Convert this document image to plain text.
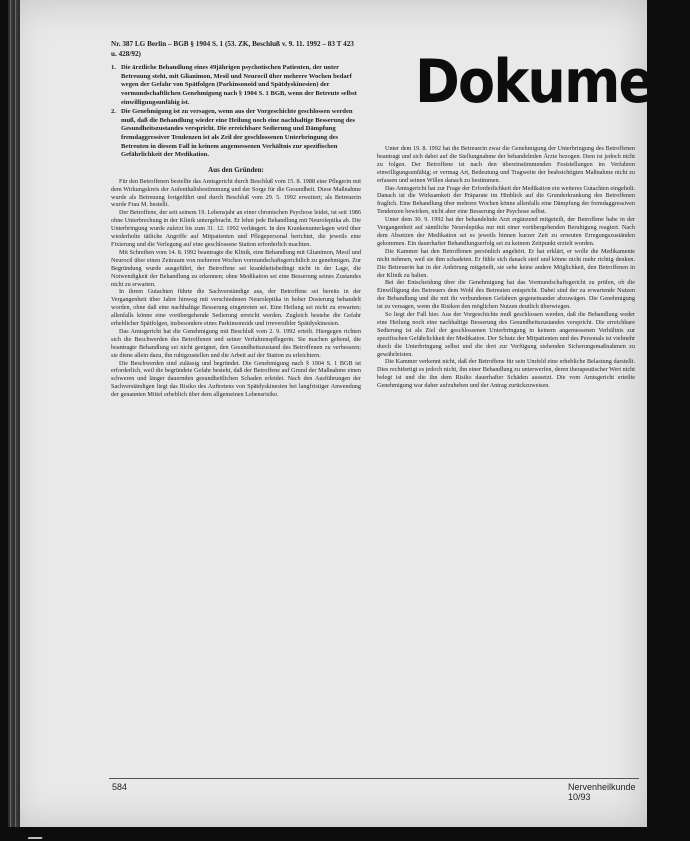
Dokumen

Nr. 387 LG Berlin – BGB § 1904 S. 1 (53. ZK, Beschluß v. 9. 11. 1992 – 83 T 423 u. 428/92)

1. Die ärztliche Behandlung eines 49jährigen psychotischen Patienten, der unter Betreuung steht, mit Glianimon, Mesil und Neurocil über mehrere Wochen bedarf wegen der Gefahr von Spätfolgen (Parkinsonoid und Spätdyskinesien) der vormundschaftlichen Genehmigung nach § 1904 S. 1 BGB, wenn der Betreute selbst einwilligungsunfähig ist.
2. Die Genehmigung ist zu versagen, wenn aus der Vorgeschichte geschlossen werden muß, daß die Behandlung wieder eine Heilung noch eine nachhaltige Besserung des Gesundheitszustandes verspricht. Die erreichbare Sedierung und Dämpfung fremdaggressiver Tendenzen ist als Zeil der geschlossenen Unterbringung des Betreuten in diesem Fall in keinem angemessenen Verhältnis zur spezifischen Gefährlichkeit der Medikation.
Aus den Gründen:

Für den Betroffenen bestellte das Amtsgericht durch Beschluß vom 15. 8. 1988 eine Pflegerin mit dem Wirkungskreis der Aufenthaltsbestimmung und der Sorge für die Gesundheit. Diese Maßnahme wurde als Betreuung fortgeführt und durch Beschluß vom 29. 5. 1992 erweitert; als Betreuerin wurde Frau M. bestellt.

Der Betroffene, der seit seinem 19. Lebensjahr an einer chronischen Psychose leidet, ist seit 1986 ohne Unterbrechung in der Klinik untergebracht. Er lehnt jede Behandlung mit Neuroleptika ab. Die Unterbringung wurde zuletzt bis zum 31. 12. 1992 verlängert. In den Krankenunterlagen wird über wiederholte tätliche Angriffe auf Mitpatienten und Pflegepersonal berichtet, die jeweils eine Fixierung und die Verlegung auf eine geschlossene Station erforderlich machten.

Mit Schreiben vom 14. 8. 1992 beantragte die Klinik, eine Behandlung mit Glianimon, Mesil und Neurocil über einen Zeitraum von mehreren Wochen vormundschaftsgerichtlich zu genehmigen. Zur Begründung wurde ausgeführt, der Betroffene sei krankheitsbedingt nicht in der Lage, die Notwendigkeit der Behandlung zu erkennen; ohne Medikation sei eine Besserung seines Zustandes nicht zu erwarten.

In ihrem Gutachten führte die Sachverständige aus, der Betroffene sei bereits in der Vergangenheit über Jahre hinweg mit verschiedenen Neuroleptika in hoher Dosierung behandelt worden, ohne daß eine nachhaltige Besserung eingetreten sei. Eine Heilung sei nicht zu erwarten; allenfalls könne eine vorübergehende Sedierung erreicht werden. Zugleich bestehe die Gefahr erheblicher Spätfolgen, insbesondere eines Parkinsonoids und irreversibler Spätdyskinesien.

Das Amtsgericht hat die Genehmigung mit Beschluß vom 2. 9. 1992 erteilt. Hiergegen richten sich die Beschwerden des Betroffenen und seiner Verfahrenspflegerin. Sie machen geltend, die beantragte Behandlung sei nicht geeignet, den Gesundheitszustand des Betroffenen zu verbessern; sie diene allein dazu, ihn ruhigzustellen und die Arbeit auf der Station zu erleichtern.

Die Beschwerden sind zulässig und begründet. Die Genehmigung nach § 1904 S. 1 BGB ist erforderlich, weil die begründete Gefahr besteht, daß der Betroffene auf Grund der Maßnahme einen schweren und länger dauernden gesundheitlichen Schaden erleidet. Nach den Ausführungen der Sachverständigen liegt das Risiko des Auftretens von Spätdyskinesien bei langfristiger Anwendung der genannten Mittel erheblich über dem allgemeinen Lebensrisiko.

Unter dem 19. 8. 1992 hat die Betreuerin zwar die Genehmigung der Unterbringung des Betroffenen beantragt und sich dabei auf die Stellungnahme der behandelnden Ärzte bezogen. Dem ist jedoch nicht zu folgen. Der Betroffene ist nach den übereinstimmenden Feststellungen im Verfahren einwilligungsunfähig; er vermag Art, Bedeutung und Tragweite der beabsichtigten Maßnahme nicht zu erfassen und seinen Willen danach zu bestimmen.

Das Amtsgericht hat zur Frage der Erforderlichkeit der Medikation ein weiteres Gutachten eingeholt. Danach ist die Wirksamkeit der Präparate im Hinblick auf die Grunderkrankung des Betroffenen fraglich. Eine Behandlung über mehrere Wochen könne allenfalls eine Dämpfung der fremdaggressiven Tendenzen bewirken, nicht aber eine Besserung der Psychose selbst.

Unter dem 30. 9. 1992 hat der behandelnde Arzt ergänzend mitgeteilt, der Betroffene habe in der Vergangenheit auf sämtliche Neuroleptika nur mit einer vorübergehenden Beruhigung reagiert. Nach dem Absetzen der Medikation sei es jeweils binnen kurzer Zeit zu erneuten Erregungszuständen gekommen. Ein dauerhafter Behandlungserfolg sei zu keinem Zeitpunkt erzielt worden.

Die Kammer hat den Betroffenen persönlich angehört. Er hat erklärt, er wolle die Medikamente nicht nehmen, weil sie ihm schadeten. Er fühle sich danach steif und könne nicht mehr richtig denken. Die Betreuerin hat in der Anhörung mitgeteilt, sie sehe keine andere Möglichkeit, den Betroffenen in der Klinik zu halten.

Bei der Entscheidung über die Genehmigung hat das Vormundschaftsgericht zu prüfen, ob die Einwilligung des Betreuers dem Wohl des Betreuten entspricht. Dabei sind der zu erwartende Nutzen der Behandlung und die mit ihr verbundenen Gefahren gegeneinander abzuwägen. Die Genehmigung ist zu versagen, wenn die Risiken den möglichen Nutzen deutlich überwiegen.

So liegt der Fall hier. Aus der Vorgeschichte muß geschlossen werden, daß die Behandlung weder eine Heilung noch eine nachhaltige Besserung des Gesundheitszustandes verspricht. Die erreichbare Sedierung ist als Ziel der geschlossenen Unterbringung in keinem angemessenen Verhältnis zur spezifischen Gefährlichkeit der Medikation. Der Schutz der Mitpatienten und des Personals ist vielmehr durch die Unterbringung selbst und die dort zur Verfügung stehenden Sicherungsmaßnahmen zu gewährleisten.

Die Kammer verkennt nicht, daß der Betroffene für sein Umfeld eine erhebliche Belastung darstellt. Dies rechtfertigt es jedoch nicht, ihn einer Behandlung zu unterwerfen, deren therapeutischer Wert nicht belegt ist und die ihn dem Risiko dauerhafter Schäden aussetzt. Die vom Amtsgericht erteilte Genehmigung war daher aufzuheben und der Antrag zurückzuweisen.

584	Nervenheilkunde 10/93
